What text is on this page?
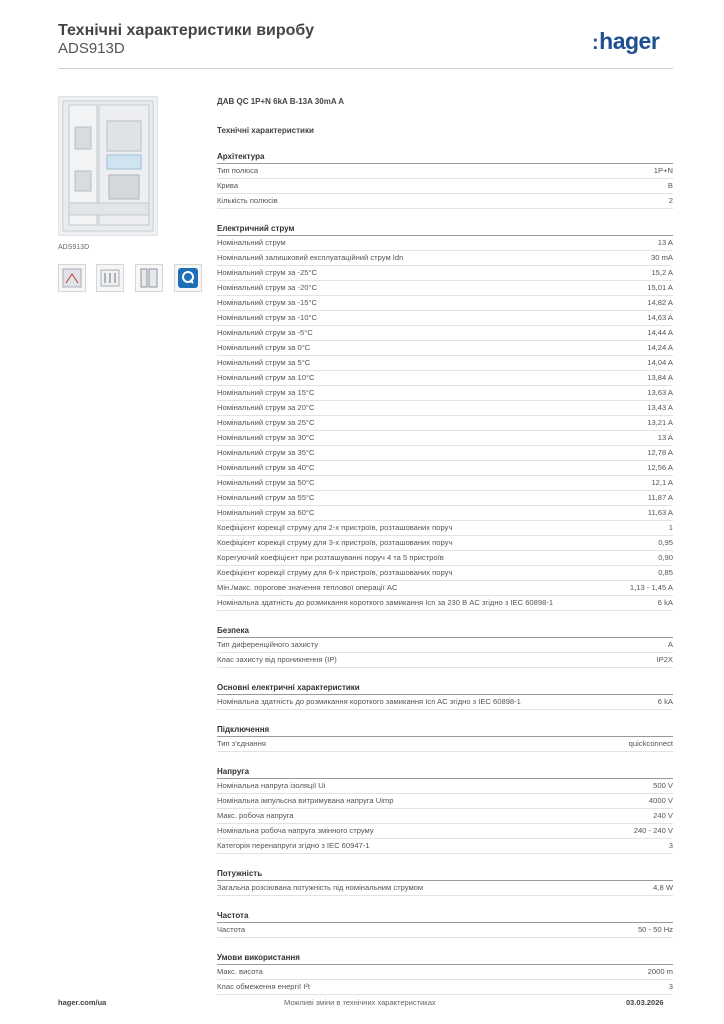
Технічні характеристики виробу
ADS913D	:hager
ADS913D
ДАВ QC 1P+N 6kA B-13A 30mA A
Технічні характеристики
Архітектура
Тип полюса	1P+N
Крива	B
Кількість полюсів	2
Електричний струм
Номінальний струм	13 A
Номінальний залишковий експлуатаційний струм Idn	30 mA
Номінальний струм за -25°C	15,2 A
Номінальний струм за -20°C	15,01 A
Номінальний струм за -15°C	14,82 A
Номінальний струм за -10°C	14,63 A
Номінальний струм за -5°C	14,44 A
Номінальний струм за 0°C	14,24 A
Номінальний струм за 5°C	14,04 A
Номінальний струм за 10°C	13,84 A
Номінальний струм за 15°C	13,63 A
Номінальний струм за 20°C	13,43 A
Номінальний струм за 25°C	13,21 A
Номінальний струм за 30°C	13 A
Номінальний струм за 35°C	12,78 A
Номінальний струм за 40°C	12,56 A
Номінальний струм за 50°C	12,1 A
Номінальний струм за 55°C	11,87 A
Номінальний струм за 60°C	11,63 A
Коефіцієнт корекції струму для 2-х пристроїв, розташованих поруч	1
Коефіцієнт корекції струму для 3-х пристроїв, розташованих поруч	0,95
Корегуючий коефіцієнт при розташуванні поруч 4 та 5 пристроїв	0,90
Коефіцієнт корекції струму для 6-х пристроїв, розташованих поруч	0,85
Мін./макс. порогове значення теплової операції AC	1,13 - 1,45 A
Номінальна здатність до розмикання короткого замикання Icn за 230 В AC згідно з IEC 60898-1	6 kA
Безпека
Тип диференційного захисту	A
Клас захисту від проникнення (IP)	IP2X
Основні електричні характеристики
Номінальна здатність до розмикання короткого замикання Icn AC згідно з IEC 60898-1	6 kA
Підключення
Тип з'єднання	quickconnect
Напруга
Номінальна напруга ізоляції Ui	500 V
Номінальна імпульсна витримувана напруга Uimp	4000 V
Макс. робоча напруга	240 V
Номінальна робоча напруга змінного струму	240 - 240 V
Категорія перенапруги згідно з IEC 60947-1	3
Потужність
Загальна розсіювана потужність під номінальним струмом	4,8 W
Частота
Частота	50 - 50 Hz
Умови використання
Макс. висота	2000 m
Клас обмеження енергії I²t	3
hager.com/ua	Можливі зміни в технічних характеристиках	03.03.2026
